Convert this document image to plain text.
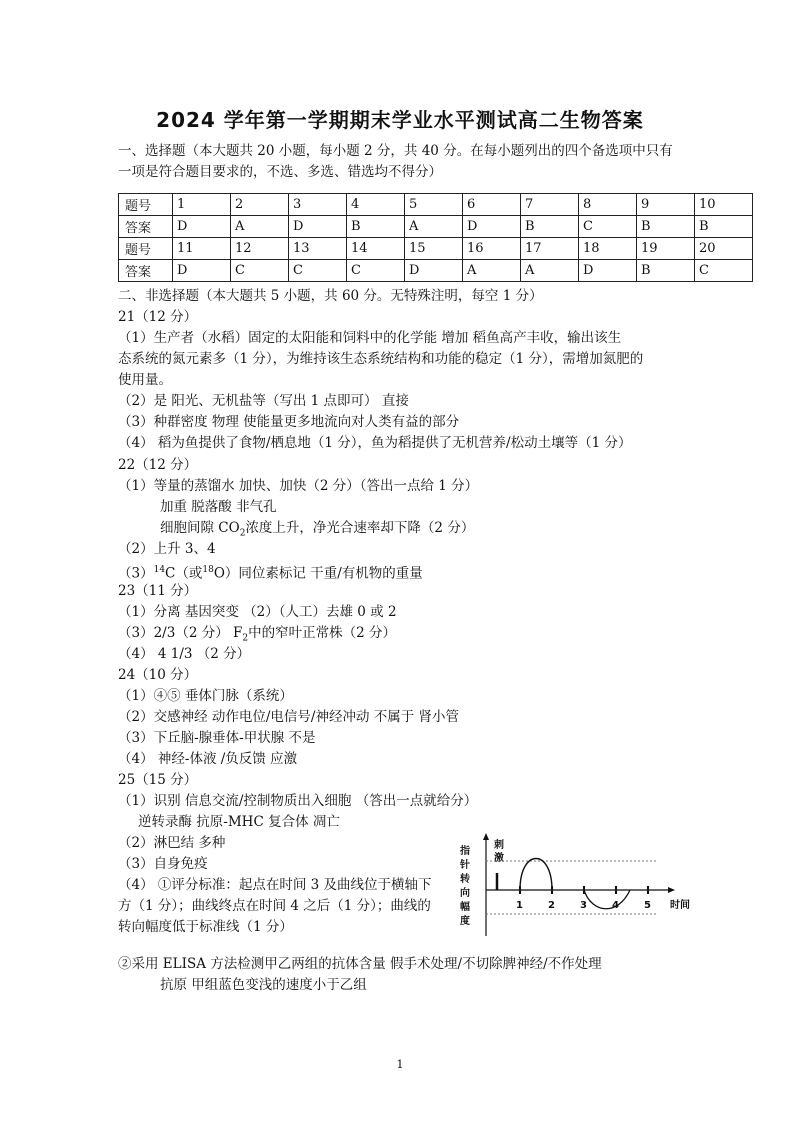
2024 学年第一学期期末学业水平测试高二生物答案
一、选择题（本大题共 20 小题，每小题 2 分，共 40 分。在每小题列出的四个备选项中只有
一项是符合题目要求的，不选、多选、错选均不得分）
题号	1	2	3	4	5	6	7	8	9	10
答案	D	A	D	B	A	D	B	C	B	B
题号	11	12	13	14	15	16	17	18	19	20
答案	D	C	C	C	D	A	A	D	B	C
二、非选择题（本大题共 5 小题，共 60 分。无特殊注明，每空 1 分）
21（12 分）
（1）生产者（水稻）固定的太阳能和饲料中的化学能 增加 稻鱼高产丰收，输出该生
态系统的氮元素多（1 分），为维持该生态系统结构和功能的稳定（1 分），需增加氮肥的
使用量。
（2）是 阳光、无机盐等（写出 1 点即可） 直接
（3）种群密度 物理 使能量更多地流向对人类有益的部分
（4） 稻为鱼提供了食物/栖息地（1 分），鱼为稻提供了无机营养/松动土壤等（1 分）
22（12 分）
（1）等量的蒸馏水 加快、加快（2 分）（答出一点给 1 分）
加重 脱落酸 非气孔
细胞间隙 $CO_2$浓度上升，净光合速率却下降（2 分）
（2）上升 3、4
$(3)^{14}C$（或$^{18}$O）同位素标记 干重/有机物的重量
23（11 分）
（1）分离 基因突变 （2）（人工）去雄 0 或 2
（3）2/3（2 分） $F_2$中的窄叶正常株（2 分）
（4） 4 1/3 （2 分）
24（10 分）
（1）④⑤ 垂体门脉（系统）
（2）交感神经 动作电位/电信号/神经冲动 不属于 肾小管
（3）下丘脑-腺垂体-甲状腺 不是
（4） 神经-体液 /负反馈 应激
25（15 分）
（1）识别 信息交流/控制物质出入细胞 （答出一点就给分）
逆转录酶 抗原-MHC 复合体 凋亡
（2）淋巴结 多种
（3）自身免疫
（4） ①评分标准：起点在时间 3 及曲线位于横轴下
方（1 分）；曲线终点在时间 4 之后（1 分）；曲线的
转向幅度低于标准线（1 分）
②采用 ELISA 方法检测甲乙两组的抗体含量 假手术处理/不切除脾神经/不作处理
抗原 甲组蓝色变浅的速度小于乙组
指
针
转
向
幅
度
刺
激
1	2	3	4	5 时间
1
